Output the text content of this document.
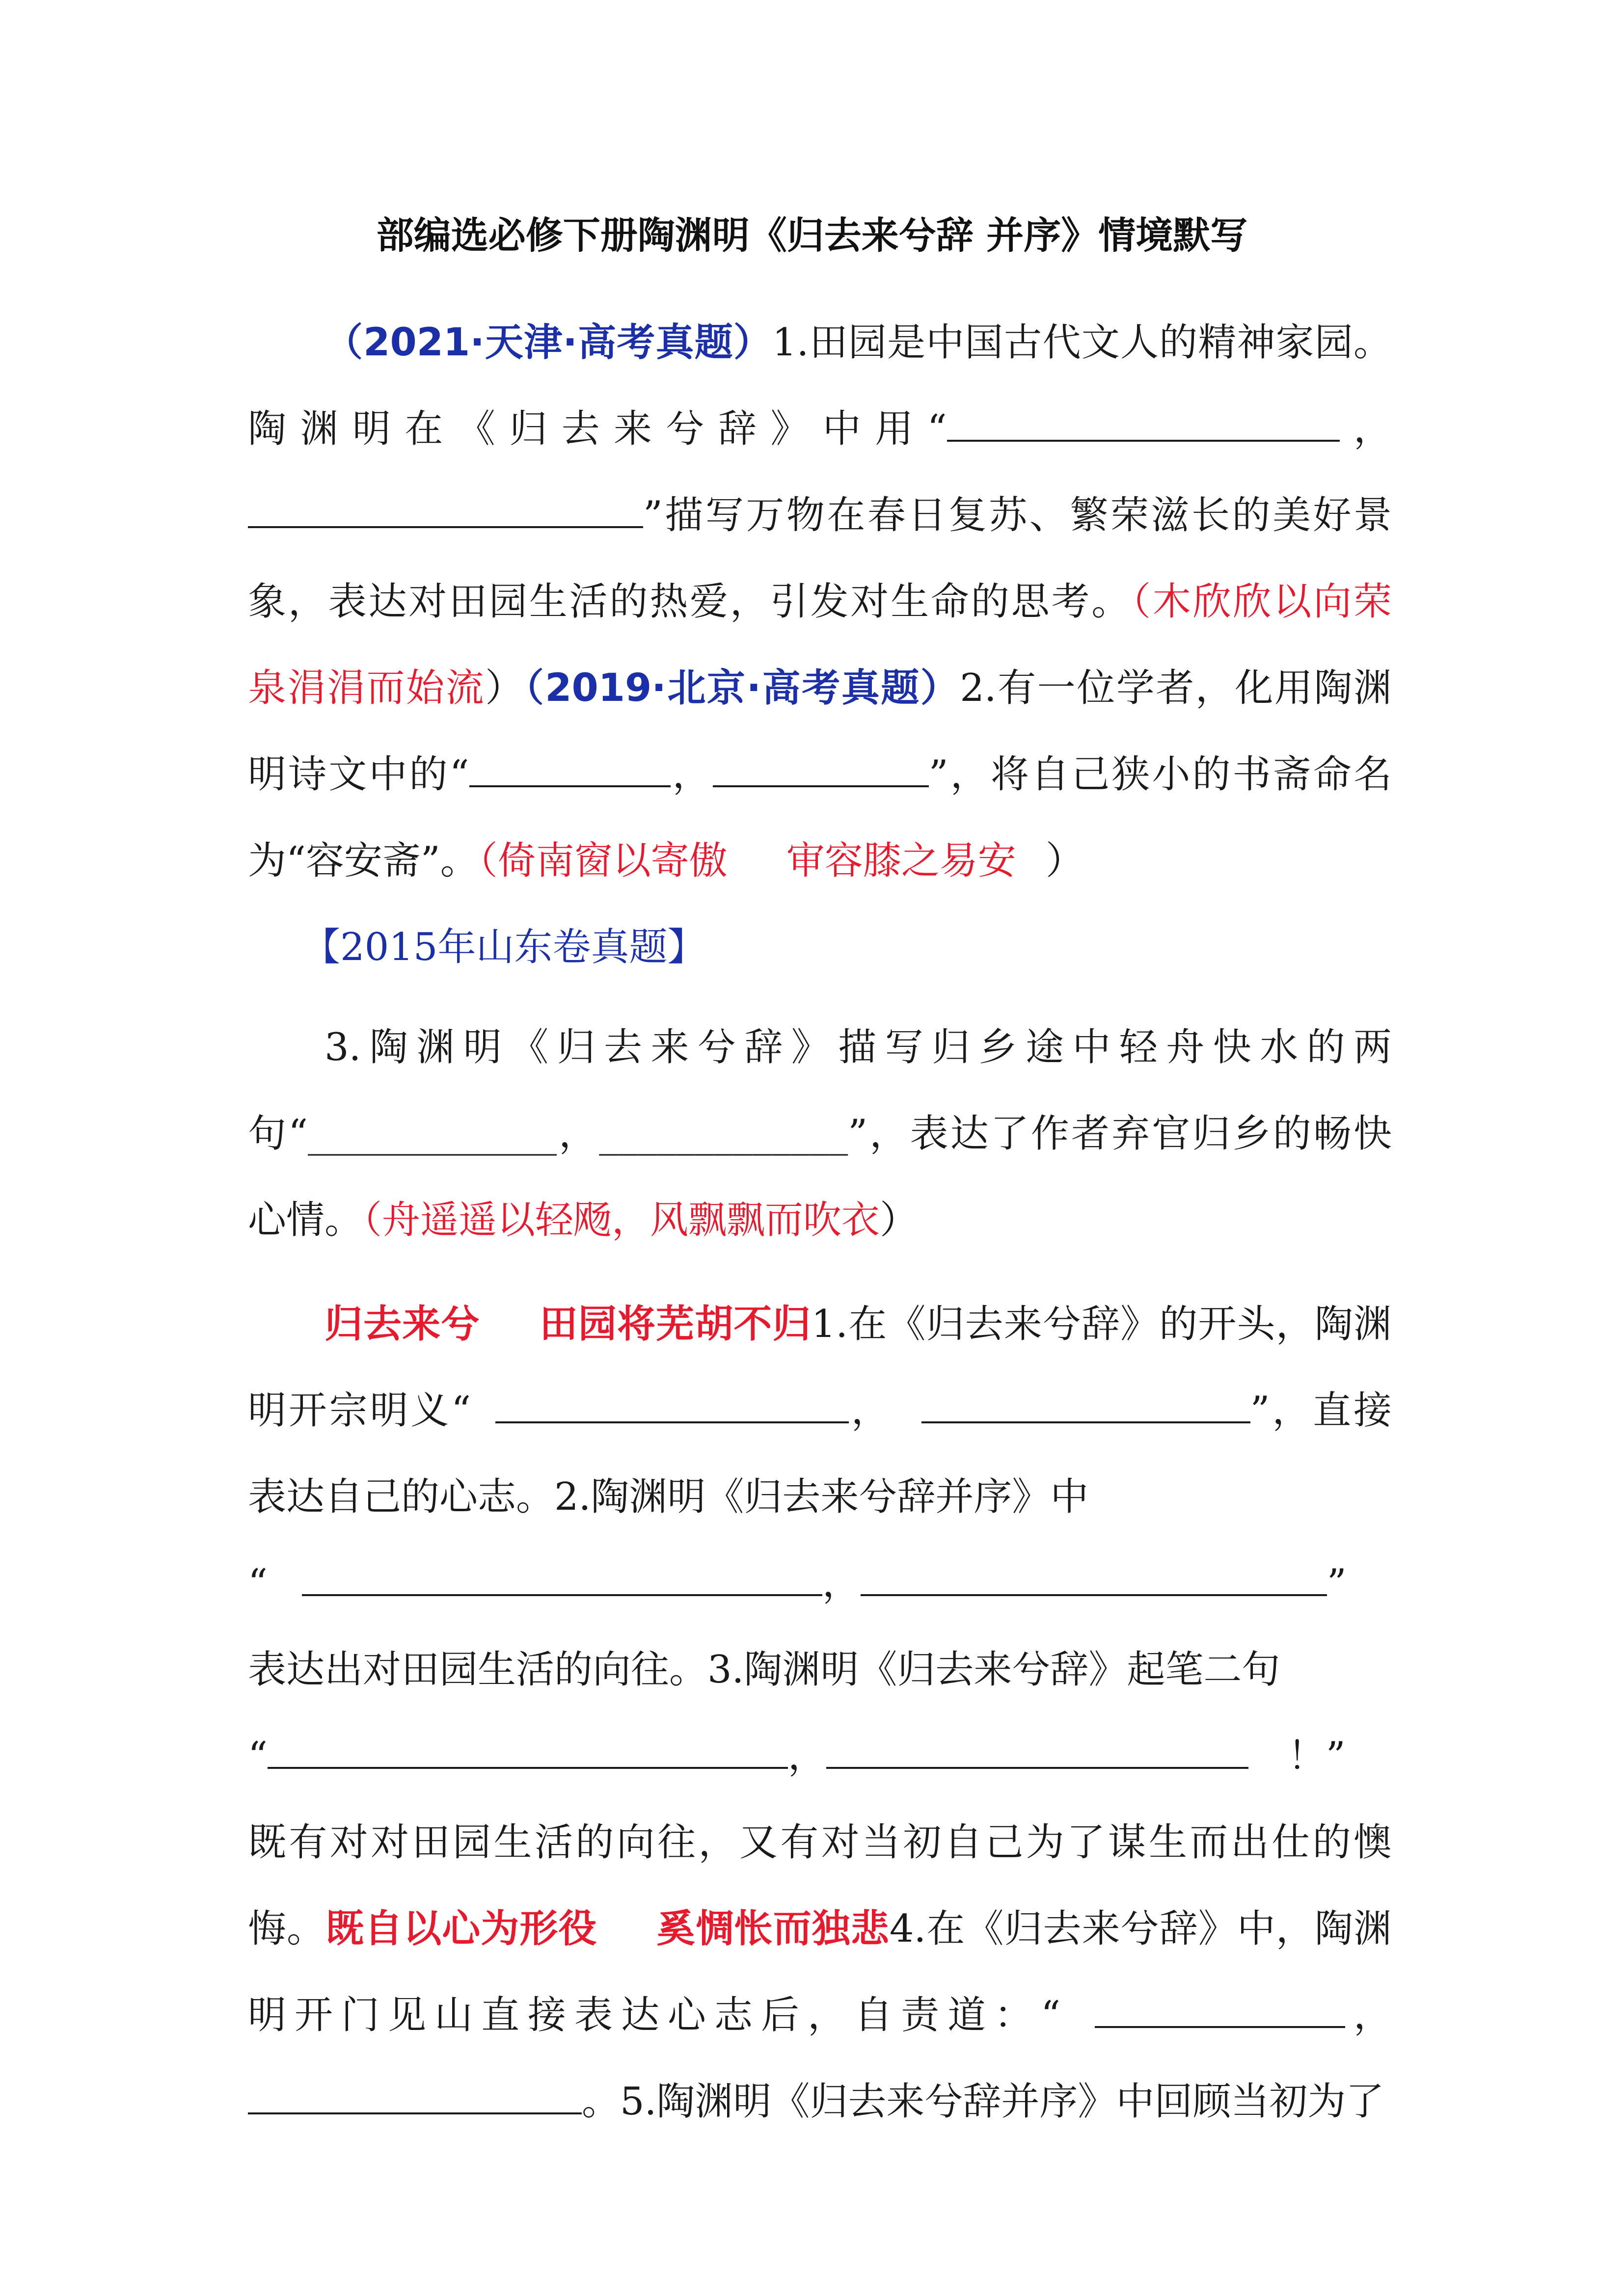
部编选必修下册陶渊明《归去来兮辞 并序》情境默写

（2021·天津·高考真题）1.田园是中国古代文人的精神家园。陶渊明在《归去来兮辞》中用“	，”描写万物在春日复苏、繁荣滋长的美好景象，表达对田园生活的热爱，引发对生命的思考。（木欣欣以向荣　泉涓涓而始流）（2019·北京·高考真题）2.有一位学者，化用陶渊明诗文中的“	，	”，将自己狭小的书斋命名为“容安斋”。（倚南窗以寄傲 审容膝之易安 ）

【2015年山东卷真题】

3.陶渊明《归去来兮辞》描写归乡途中轻舟快水的两句“_____________，_____________”，表达了作者弃官归乡的畅快心情。（舟遥遥以轻飏，风飘飘而吹衣）

归去来兮 田园将芜胡不归1.在《归去来兮辞》的开头，陶渊明开宗明义“	，	”，直接表达自己的心志。2.陶渊明《归去来兮辞并序》中
“	，	”
表达出对田园生活的向往。3.陶渊明《归去来兮辞》起笔二句
“	，	！”
既有对对田园生活的向往，又有对当初自己为了谋生而出仕的懊悔。既自以心为形役 奚惆怅而独悲4.在《归去来兮辞》中，陶渊明开门见山直接表达心志后，自责道：“	，。5.陶渊明《归去来兮辞并序》中回顾当初为了
